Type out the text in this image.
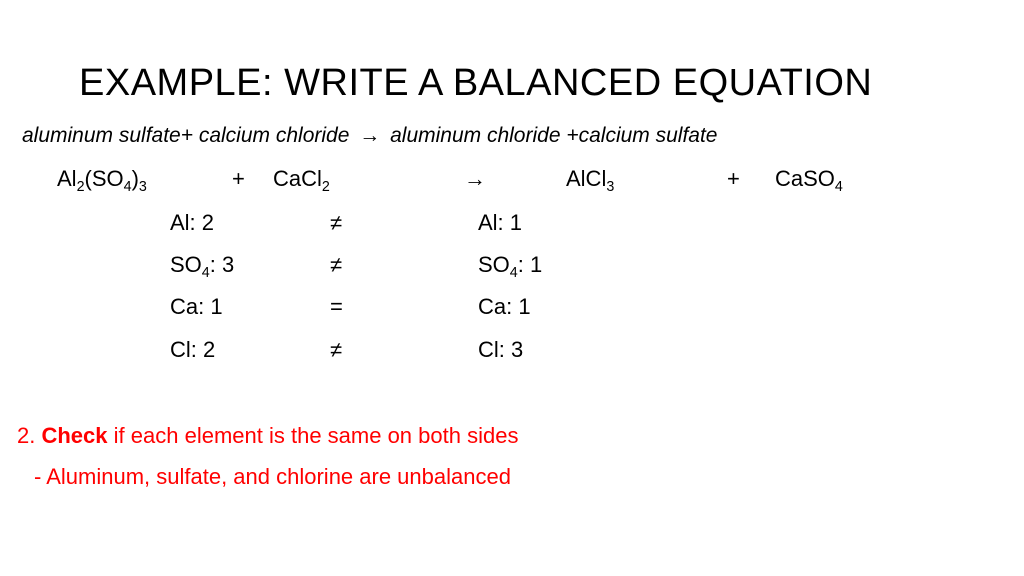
EXAMPLE: WRITE A BALANCED EQUATION
aluminum sulfate+ calcium chloride → aluminum chloride +calcium sulfate
$Al_2(SO_4)_3$	+ CaCl$_2$	→	AlCl$_3$	+ CaSO$_4$
Al: 2	≠	Al: 1
$SO_4$: 3	≠	$SO_4$: 1
Ca: 1	=	Ca: 1
Cl: 2	≠	Cl: 3
2. Check if each element is the same on both sides
- Aluminum, sulfate, and chlorine are unbalanced
